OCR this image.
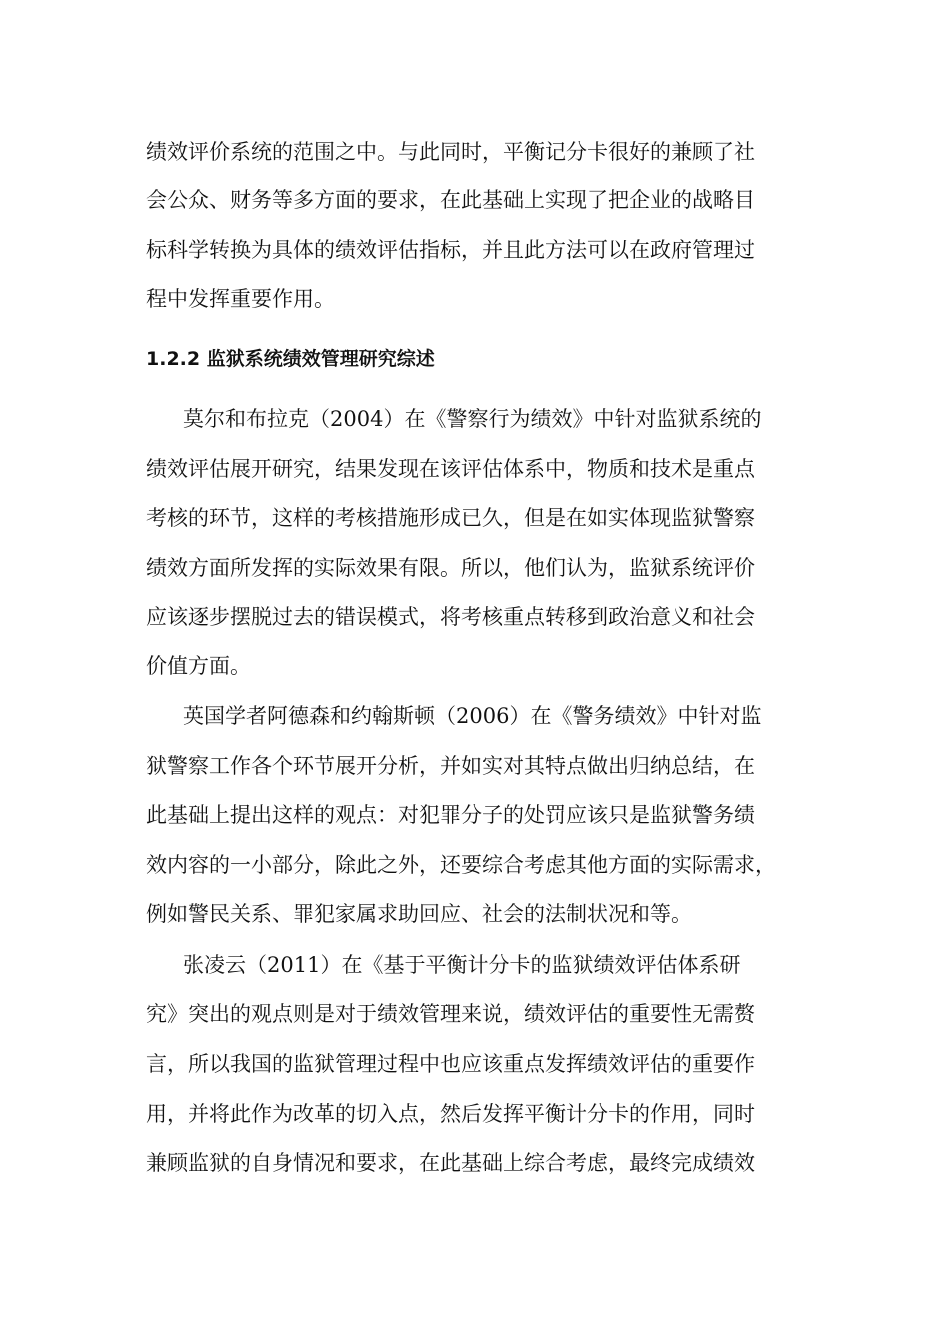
绩效评价系统的范围之中。与此同时，平衡记分卡很好的兼顾了社
会公众、财务等多方面的要求，在此基础上实现了把企业的战略目
标科学转换为具体的绩效评估指标，并且此方法可以在政府管理过
程中发挥重要作用。
1.2.2 监狱系统绩效管理研究综述
莫尔和布拉克（2004）在《警察行为绩效》中针对监狱系统的
绩效评估展开研究，结果发现在该评估体系中，物质和技术是重点
考核的环节，这样的考核措施形成已久，但是在如实体现监狱警察
绩效方面所发挥的实际效果有限。所以，他们认为，监狱系统评价
应该逐步摆脱过去的错误模式，将考核重点转移到政治意义和社会
价值方面。
英国学者阿德森和约翰斯顿（2006）在《警务绩效》中针对监
狱警察工作各个环节展开分析，并如实对其特点做出归纳总结，在
此基础上提出这样的观点：对犯罪分子的处罚应该只是监狱警务绩
效内容的一小部分，除此之外，还要综合考虑其他方面的实际需求，
例如警民关系、罪犯家属求助回应、社会的法制状况和等。
张凌云（2011）在《基于平衡计分卡的监狱绩效评估体系研
究》突出的观点则是对于绩效管理来说，绩效评估的重要性无需赘
言，所以我国的监狱管理过程中也应该重点发挥绩效评估的重要作
用，并将此作为改革的切入点，然后发挥平衡计分卡的作用，同时
兼顾监狱的自身情况和要求，在此基础上综合考虑，最终完成绩效
